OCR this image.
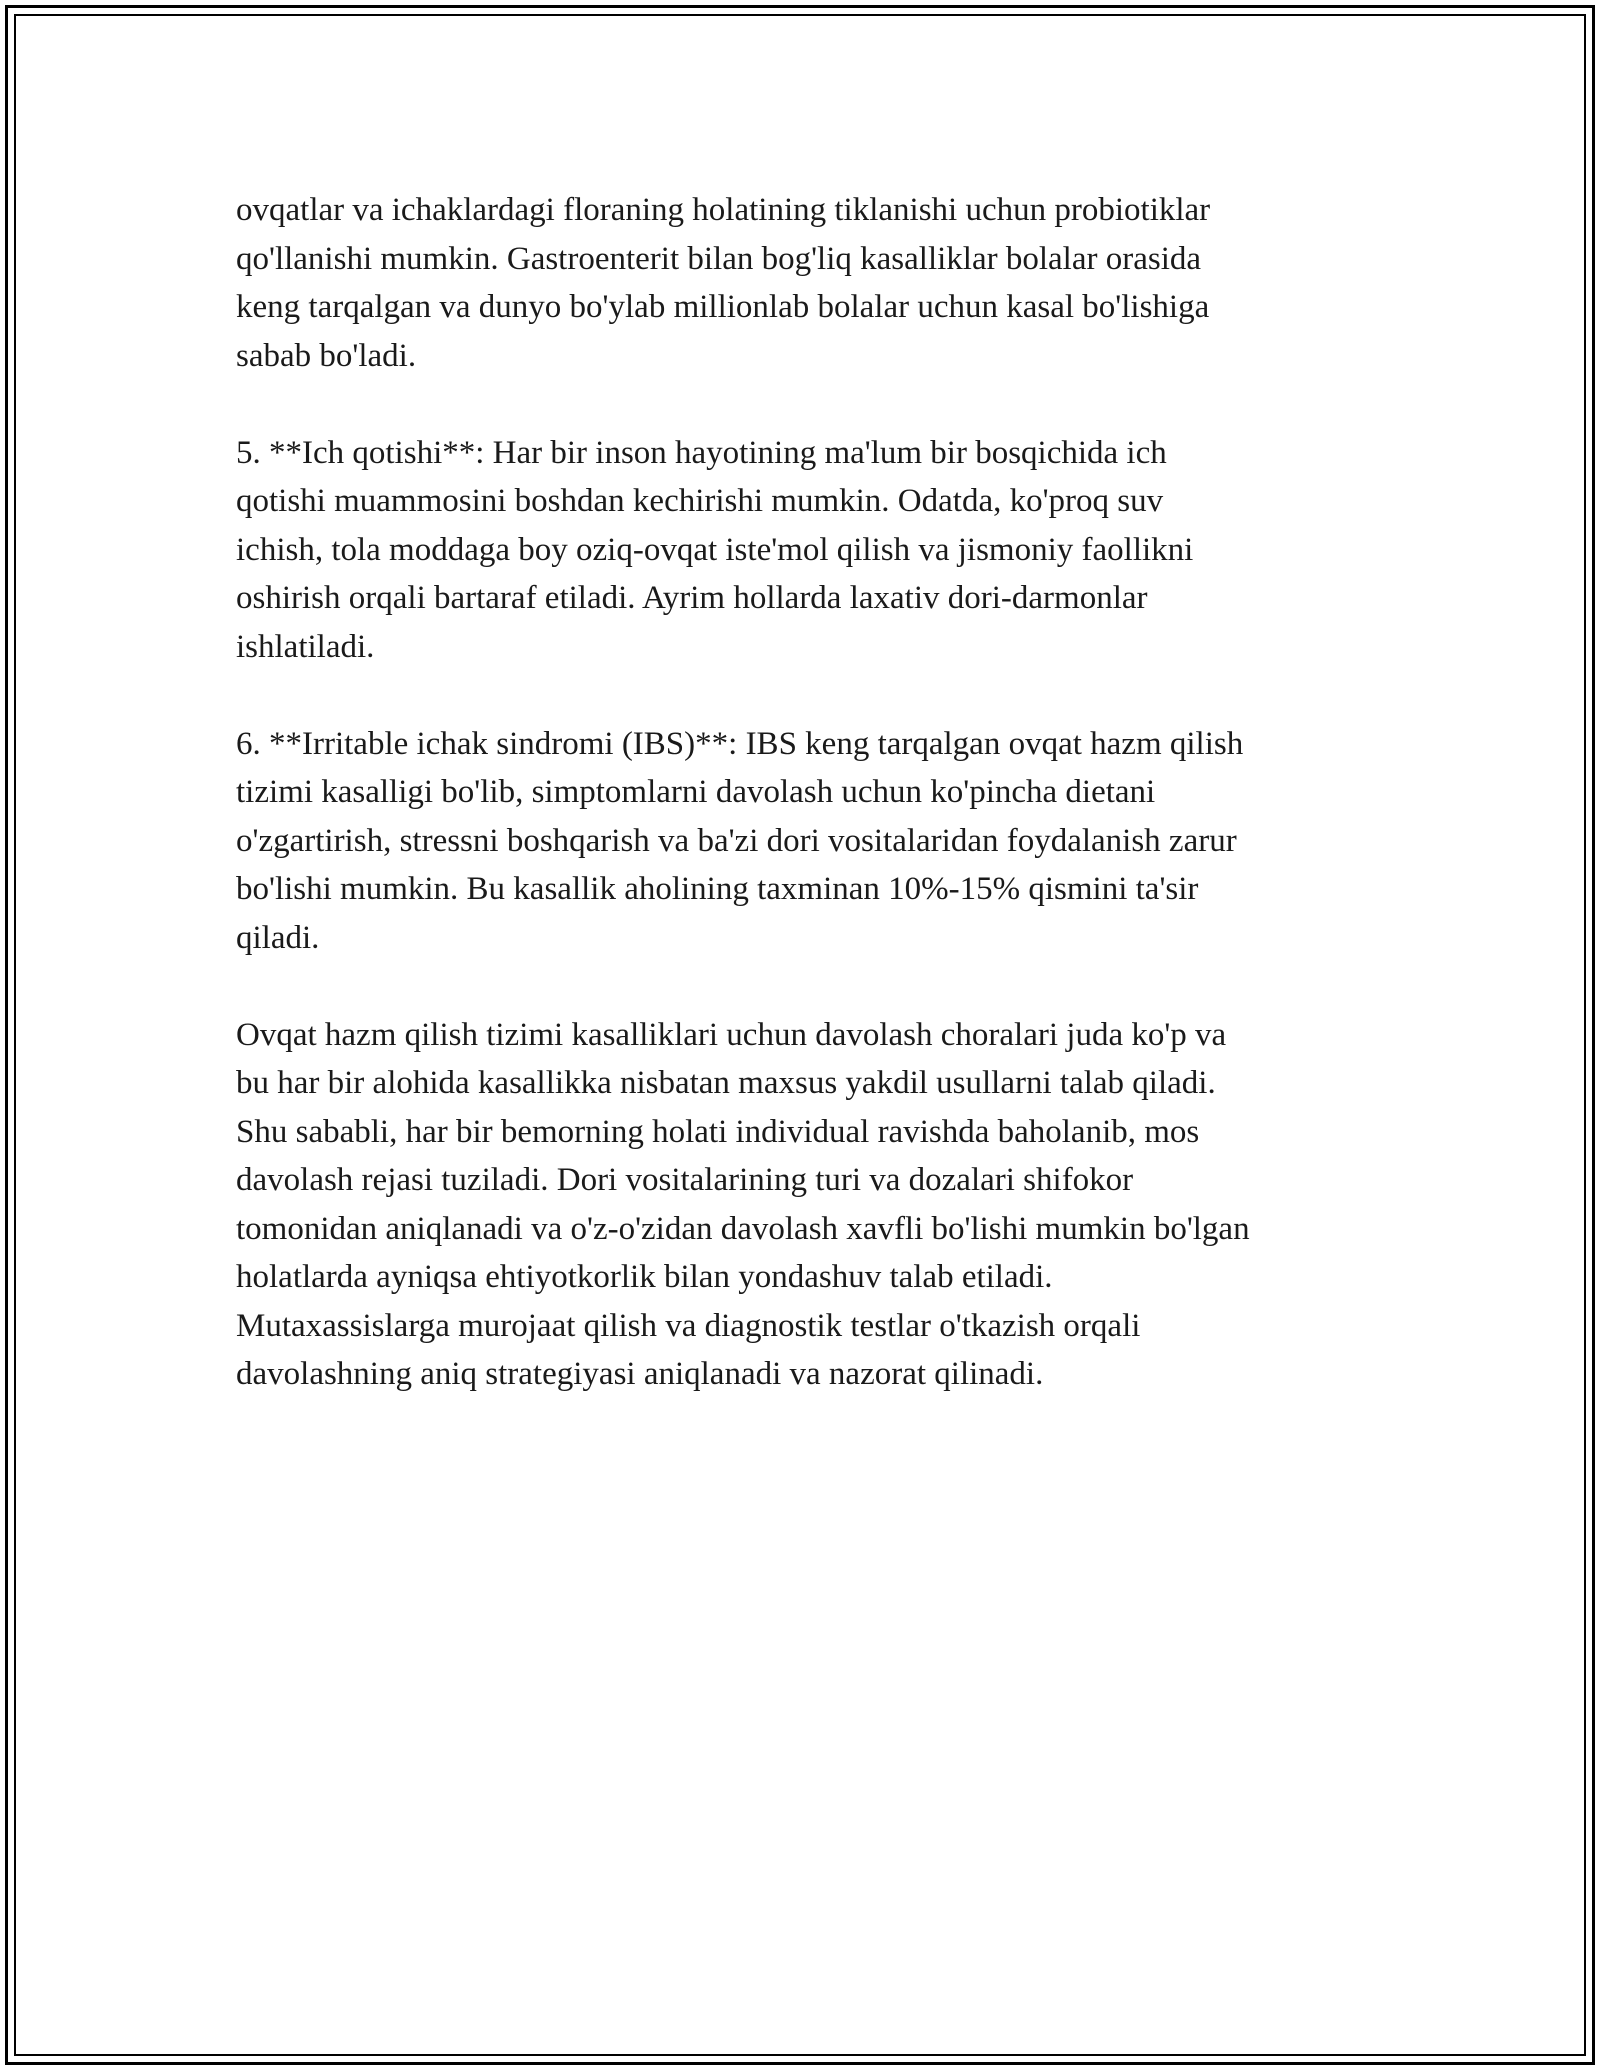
ovqatlar va ichaklardagi floraning holatining tiklanishi uchun probiotiklar
qo'llanishi mumkin. Gastroenterit bilan bog'liq kasalliklar bolalar orasida
keng tarqalgan va dunyo bo'ylab millionlab bolalar uchun kasal bo'lishiga
sabab bo'ladi.

5. **Ich qotishi**: Har bir inson hayotining ma'lum bir bosqichida ich
qotishi muammosini boshdan kechirishi mumkin. Odatda, ko'proq suv
ichish, tola moddaga boy oziq-ovqat iste'mol qilish va jismoniy faollikni
oshirish orqali bartaraf etiladi. Ayrim hollarda laxativ dori-darmonlar
ishlatiladi.

6. **Irritable ichak sindromi (IBS)**: IBS keng tarqalgan ovqat hazm qilish
tizimi kasalligi bo'lib, simptomlarni davolash uchun ko'pincha dietani
o'zgartirish, stressni boshqarish va ba'zi dori vositalaridan foydalanish zarur
bo'lishi mumkin. Bu kasallik aholining taxminan 10%-15% qismini ta'sir
qiladi.

Ovqat hazm qilish tizimi kasalliklari uchun davolash choralari juda ko'p va
bu har bir alohida kasallikka nisbatan maxsus yakdil usullarni talab qiladi.
Shu sababli, har bir bemorning holati individual ravishda baholanib, mos
davolash rejasi tuziladi. Dori vositalarining turi va dozalari shifokor
tomonidan aniqlanadi va o'z-o'zidan davolash xavfli bo'lishi mumkin bo'lgan
holatlarda ayniqsa ehtiyotkorlik bilan yondashuv talab etiladi.
Mutaxassislarga murojaat qilish va diagnostik testlar o'tkazish orqali
davolashning aniq strategiyasi aniqlanadi va nazorat qilinadi.
